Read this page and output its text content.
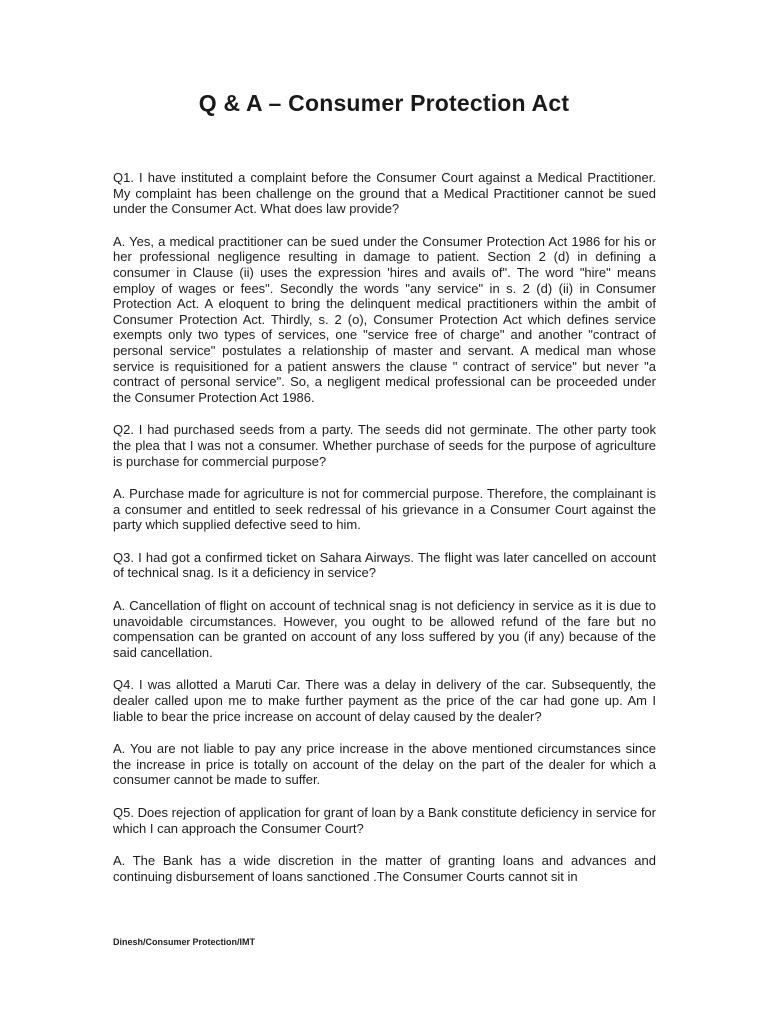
Q & A – Consumer Protection Act

Q1. I have instituted a complaint before the Consumer Court against a Medical Practitioner. My complaint has been challenge on the ground that a Medical Practitioner cannot be sued under the Consumer Act. What does law provide?

A. Yes, a medical practitioner can be sued under the Consumer Protection Act 1986 for his or her professional negligence resulting in damage to patient. Section 2 (d) in defining a consumer in Clause (ii) uses the expression 'hires and avails of". The word "hire" means employ of wages or fees". Secondly the words "any service" in s. 2 (d) (ii) in Consumer Protection Act. A eloquent to bring the delinquent medical practitioners within the ambit of Consumer Protection Act. Thirdly, s. 2 (o), Consumer Protection Act which defines service exempts only two types of services, one "service free of charge" and another "contract of personal service" postulates a relationship of master and servant. A medical man whose service is requisitioned for a patient answers the clause " contract of service" but never "a contract of personal service". So, a negligent medical professional can be proceeded under the Consumer Protection Act 1986.

Q2. I had purchased seeds from a party. The seeds did not germinate. The other party took the plea that I was not a consumer. Whether purchase of seeds for the purpose of agriculture is purchase for commercial purpose?

A. Purchase made for agriculture is not for commercial purpose. Therefore, the complainant is a consumer and entitled to seek redressal of his grievance in a Consumer Court against the party which supplied defective seed to him.

Q3. I had got a confirmed ticket on Sahara Airways. The flight was later cancelled on account of technical snag. Is it a deficiency in service?

A. Cancellation of flight on account of technical snag is not deficiency in service as it is due to unavoidable circumstances. However, you ought to be allowed refund of the fare but no compensation can be granted on account of any loss suffered by you (if any) because of the said cancellation.

Q4. I was allotted a Maruti Car. There was a delay in delivery of the car. Subsequently, the dealer called upon me to make further payment as the price of the car had gone up. Am I liable to bear the price increase on account of delay caused by the dealer?

A. You are not liable to pay any price increase in the above mentioned circumstances since the increase in price is totally on account of the delay on the part of the dealer for which a consumer cannot be made to suffer.

Q5. Does rejection of application for grant of loan by a Bank constitute deficiency in service for which I can approach the Consumer Court?

A. The Bank has a wide discretion in the matter of granting loans and advances and continuing disbursement of loans sanctioned .The Consumer Courts cannot sit in

Dinesh/Consumer Protection/IMT
